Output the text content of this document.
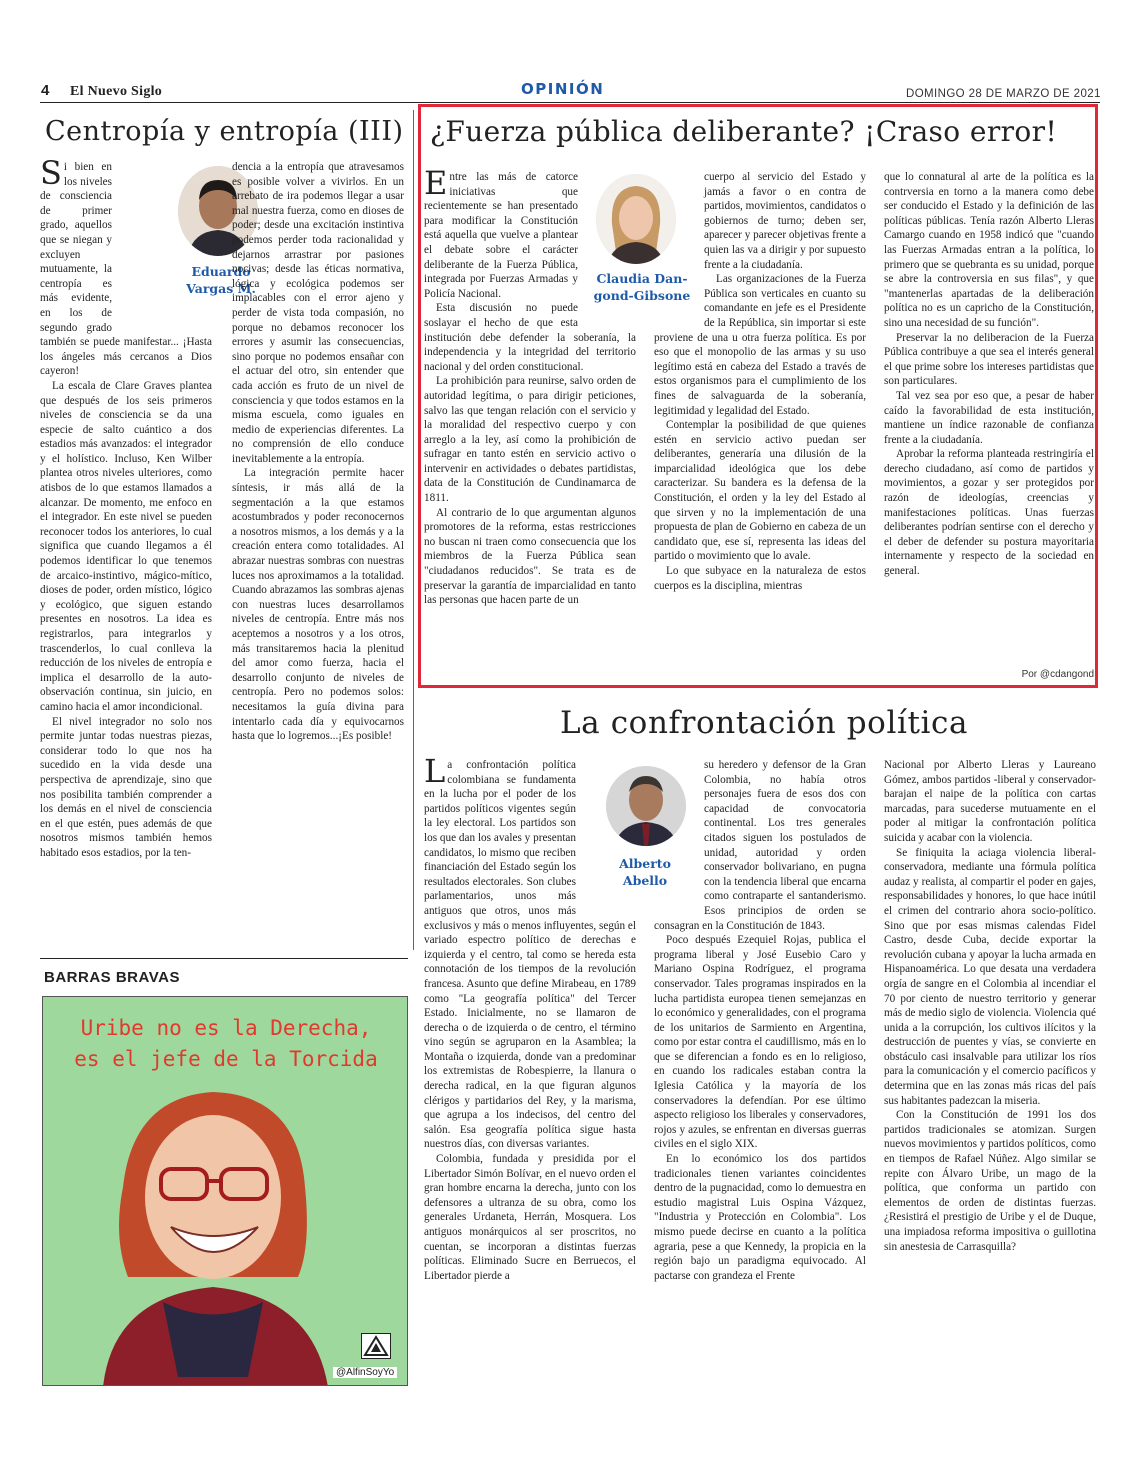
4 El Nuevo Siglo	OPINIÓN	DOMINGO 28 DE MARZO DE 2021
Centropía y entropía (III)

Si bien en los niveles de consciencia de primer grado, aquellos que se niegan y excluyen mutuamente, la centropía es más evidente, en los de segundo grado también se puede manifestar... ¡Hasta los ángeles más cercanos a Dios cayeron!

La escala de Clare Graves plantea que después de los seis primeros niveles de consciencia se da una especie de salto cuántico a dos estadios más avanzados: el integrador y el holístico. Incluso, Ken Wilber plantea otros niveles ulteriores, como atisbos de lo que estamos llamados a alcanzar. De momento, me enfoco en el integrador. En este nivel se pueden reconocer todos los anteriores, lo cual significa que cuando llegamos a él podemos identificar lo que tenemos de arcaico-instintivo, mágico-mítico, dioses de poder, orden místico, lógico y ecológico, que siguen estando presentes en nosotros. La idea es registrarlos, para integrarlos y trascenderlos, lo cual conlleva la reducción de los niveles de entropía e implica el desarrollo de la auto-observación continua, sin juicio, en camino hacia el amor incondicional.

El nivel integrador no solo nos permite juntar todas nuestras piezas, considerar todo lo que nos ha sucedido en la vida desde una perspectiva de aprendizaje, sino que nos posibilita también comprender a los demás en el nivel de consciencia en el que estén, pues además de que nosotros mismos también hemos habitado esos estadios, por la ten-

Eduardo
Vargas M.

dencia a la entropía que atravesamos es posible volver a vivirlos. En un arrebato de ira podemos llegar a usar mal nuestra fuerza, como en dioses de poder; desde una excitación instintiva podemos perder toda racionalidad y dejarnos arrastrar por pasiones nocivas; desde las éticas normativa, lógica y ecológica podemos ser implacables con el error ajeno y perder de vista toda compasión, no porque no debamos reconocer los errores y asumir las consecuencias, sino porque no podemos ensañar con el actuar del otro, sin entender que cada acción es fruto de un nivel de consciencia y que todos estamos en la misma escuela, como iguales en medio de experiencias diferentes. La no comprensión de ello conduce inevitablemente a la entropía.

La integración permite hacer síntesis, ir más allá de la segmentación a la que estamos acostumbrados y poder reconocernos a nosotros mismos, a los demás y a la creación entera como totalidades. Al abrazar nuestras sombras con nuestras luces nos aproximamos a la totalidad. Cuando abrazamos las sombras ajenas con nuestras luces desarrollamos niveles de centropía. Entre más nos aceptemos a nosotros y a los otros, más transitaremos hacia la plenitud del amor como fuerza, hacia el desarrollo conjunto de niveles de centropía. Pero no podemos solos: necesitamos la guía divina para intentarlo cada día y equivocarnos hasta que lo logremos...¡Es posible!

BARRAS BRAVAS
Uribe no es la Derecha,
es el jefe de la Torcida
@AlfinSoyYo
¿Fuerza pública deliberante? ¡Craso error!

Entre las más de catorce iniciativas que recientemente se han presentado para modificar la Constitución está aquella que vuelve a plantear el debate sobre el carácter deliberante de la Fuerza Pública, integrada por Fuerzas Armadas y Policía Nacional.

Esta discusión no puede soslayar el hecho de que esta institución debe defender la soberanía, la independencia y la integridad del territorio nacional y del orden constitucional.

La prohibición para reunirse, salvo orden de autoridad legítima, o para dirigir peticiones, salvo las que tengan relación con el servicio y la moralidad del respectivo cuerpo y con arreglo a la ley, así como la prohibición de sufragar en tanto estén en servicio activo o intervenir en actividades o debates partidistas, data de la Constitución de Cundinamarca de 1811.

Al contrario de lo que argumentan algunos promotores de la reforma, estas restricciones no buscan ni traen como consecuencia que los miembros de la Fuerza Pública sean "ciudadanos reducidos". Se trata es de preservar la garantía de imparcialidad en tanto las personas que hacen parte de un

Claudia Dan-
gond-Gibsone

cuerpo al servicio del Estado y jamás a favor o en contra de partidos, movimientos, candidatos o gobiernos de turno; deben ser, aparecer y parecer objetivas frente a quien las va a dirigir y por supuesto frente a la ciudadanía.

Las organizaciones de la Fuerza Pública son verticales en cuanto su comandante en jefe es el Presidente de la República, sin importar si este proviene de una u otra fuerza política. Es por eso que el monopolio de las armas y su uso legítimo está en cabeza del Estado a través de estos organismos para el cumplimiento de los fines de salvaguarda de la soberanía, legitimidad y legalidad del Estado.

Contemplar la posibilidad de que quienes estén en servicio activo puedan ser deliberantes, generaría una dilusión de la imparcialidad ideológica que los debe caracterizar. Su bandera es la defensa de la Constitución, el orden y la ley del Estado al que sirven y no la implementación de una propuesta de plan de Gobierno en cabeza de un candidato que, ese sí, representa las ideas del partido o movimiento que lo avale.

Lo que subyace en la naturaleza de estos cuerpos es la disciplina, mientras

que lo connatural al arte de la política es la contrversia en torno a la manera como debe ser conducido el Estado y la definición de las políticas públicas. Tenía razón Alberto Lleras Camargo cuando en 1958 indicó que "cuando las Fuerzas Armadas entran a la política, lo primero que se quebranta es su unidad, porque se abre la controversia en sus filas", y que "mantenerlas apartadas de la deliberación política no es un capricho de la Constitución, sino una necesidad de su función".

Preservar la no deliberacion de la Fuerza Pública contribuye a que sea el interés general el que prime sobre los intereses partidistas que son particulares.

Tal vez sea por eso que, a pesar de haber caído la favorabilidad de esta institución, mantiene un índice razonable de confianza frente a la ciudadanía.

Aprobar la reforma planteada restringiría el derecho ciudadano, así como de partidos y movimientos, a gozar y ser protegidos por razón de ideologías, creencias y manifestaciones políticas. Unas fuerzas deliberantes podrían sentirse con el derecho y el deber de defender su postura mayoritaria internamente y respecto de la sociedad en general.

Por @cdangond
La confrontación política

La confrontación política colombiana se fundamenta en la lucha por el poder de los partidos políticos vigentes según la ley electoral. Los partidos son los que dan los avales y presentan candidatos, lo mismo que reciben financiación del Estado según los resultados electorales. Son clubes parlamentarios, unos más antiguos que otros, unos más exclusivos y más o menos influyentes, según el variado espectro político de derechas e izquierda y el centro, tal como se hereda esta connotación de los tiempos de la revolución francesa. Asunto que define Mirabeau, en 1789 como "La geografía política" del Tercer Estado. Inicialmente, no se llamaron de derecha o de izquierda o de centro, el término vino según se agruparon en la Asamblea; la Montaña o izquierda, donde van a predominar los extremistas de Robespierre, la llanura o derecha radical, en la que figuran algunos clérigos y partidarios del Rey, y la marisma, que agrupa a los indecisos, del centro del salón. Esa geografía política sigue hasta nuestros días, con diversas variantes.

Colombia, fundada y presidida por el Libertador Simón Bolívar, en el nuevo orden el gran hombre encarna la derecha, junto con los defensores a ultranza de su obra, como los generales Urdaneta, Herrán, Mosquera. Los antiguos monárquicos al ser proscritos, no cuentan, se incorporan a distintas fuerzas políticas. Eliminado Sucre en Berruecos, el Libertador pierde a

Alberto
Abello

su heredero y defensor de la Gran Colombia, no había otros personajes fuera de esos dos con capacidad de convocatoria continental. Los tres generales citados siguen los postulados de unidad, autoridad y orden conservador bolivariano, en pugna con la tendencia liberal que encarna como contraparte el santanderismo. Esos principios de orden se consagran en la Constitución de 1843.

Poco después Ezequiel Rojas, publica el programa liberal y José Eusebio Caro y Mariano Ospina Rodríguez, el programa conservador. Tales programas inspirados en la lucha partidista europea tienen semejanzas en lo económico y generalidades, con el programa de los unitarios de Sarmiento en Argentina, como por estar contra el caudillismo, más en lo que se diferencian a fondo es en lo religioso, en cuando los radicales estaban contra la Iglesia Católica y la mayoría de los conservadores la defendían. Por ese último aspecto religioso los liberales y conservadores, rojos y azules, se enfrentan en diversas guerras civiles en el siglo XIX.

En lo económico los dos partidos tradicionales tienen variantes coincidentes dentro de la pugnacidad, como lo demuestra en estudio magistral Luis Ospina Vázquez, "Industria y Protección en Colombia". Los mismo puede decirse en cuanto a la política agraria, pese a que Kennedy, la propicia en la región bajo un paradigma equivocado. Al pactarse con grandeza el Frente

Nacional por Alberto Lleras y Laureano Gómez, ambos partidos -liberal y conservador- barajan el naipe de la política con cartas marcadas, para sucederse mutuamente en el poder al mitigar la confrontación política suicida y acabar con la violencia.

Se finiquita la aciaga violencia liberal-conservadora, mediante una fórmula política audaz y realista, al compartir el poder en gajes, responsabilidades y honores, lo que hace inútil el crimen del contrario ahora socio-político. Sino que por esas mismas calendas Fidel Castro, desde Cuba, decide exportar la revolución cubana y apoyar la lucha armada en Hispanoamérica. Lo que desata una verdadera orgía de sangre en el Colombia al incendiar el 70 por ciento de nuestro territorio y generar más de medio siglo de violencia. Violencia qué unida a la corrupción, los cultivos ilícitos y la destrucción de puentes y vías, se convierte en obstáculo casi insalvable para utilizar los ríos para la comunicación y el comercio pacíficos y determina que en las zonas más ricas del país sus habitantes padezcan la miseria.

Con la Constitución de 1991 los dos partidos tradicionales se atomizan. Surgen nuevos movimientos y partidos políticos, como en tiempos de Rafael Núñez. Algo similar se repite con Álvaro Uribe, un mago de la política, que conforma un partido con elementos de orden de distintas fuerzas. ¿Resistirá el prestigio de Uribe y el de Duque, una impiadosa reforma impositiva o guillotina sin anestesia de Carrasquilla?
